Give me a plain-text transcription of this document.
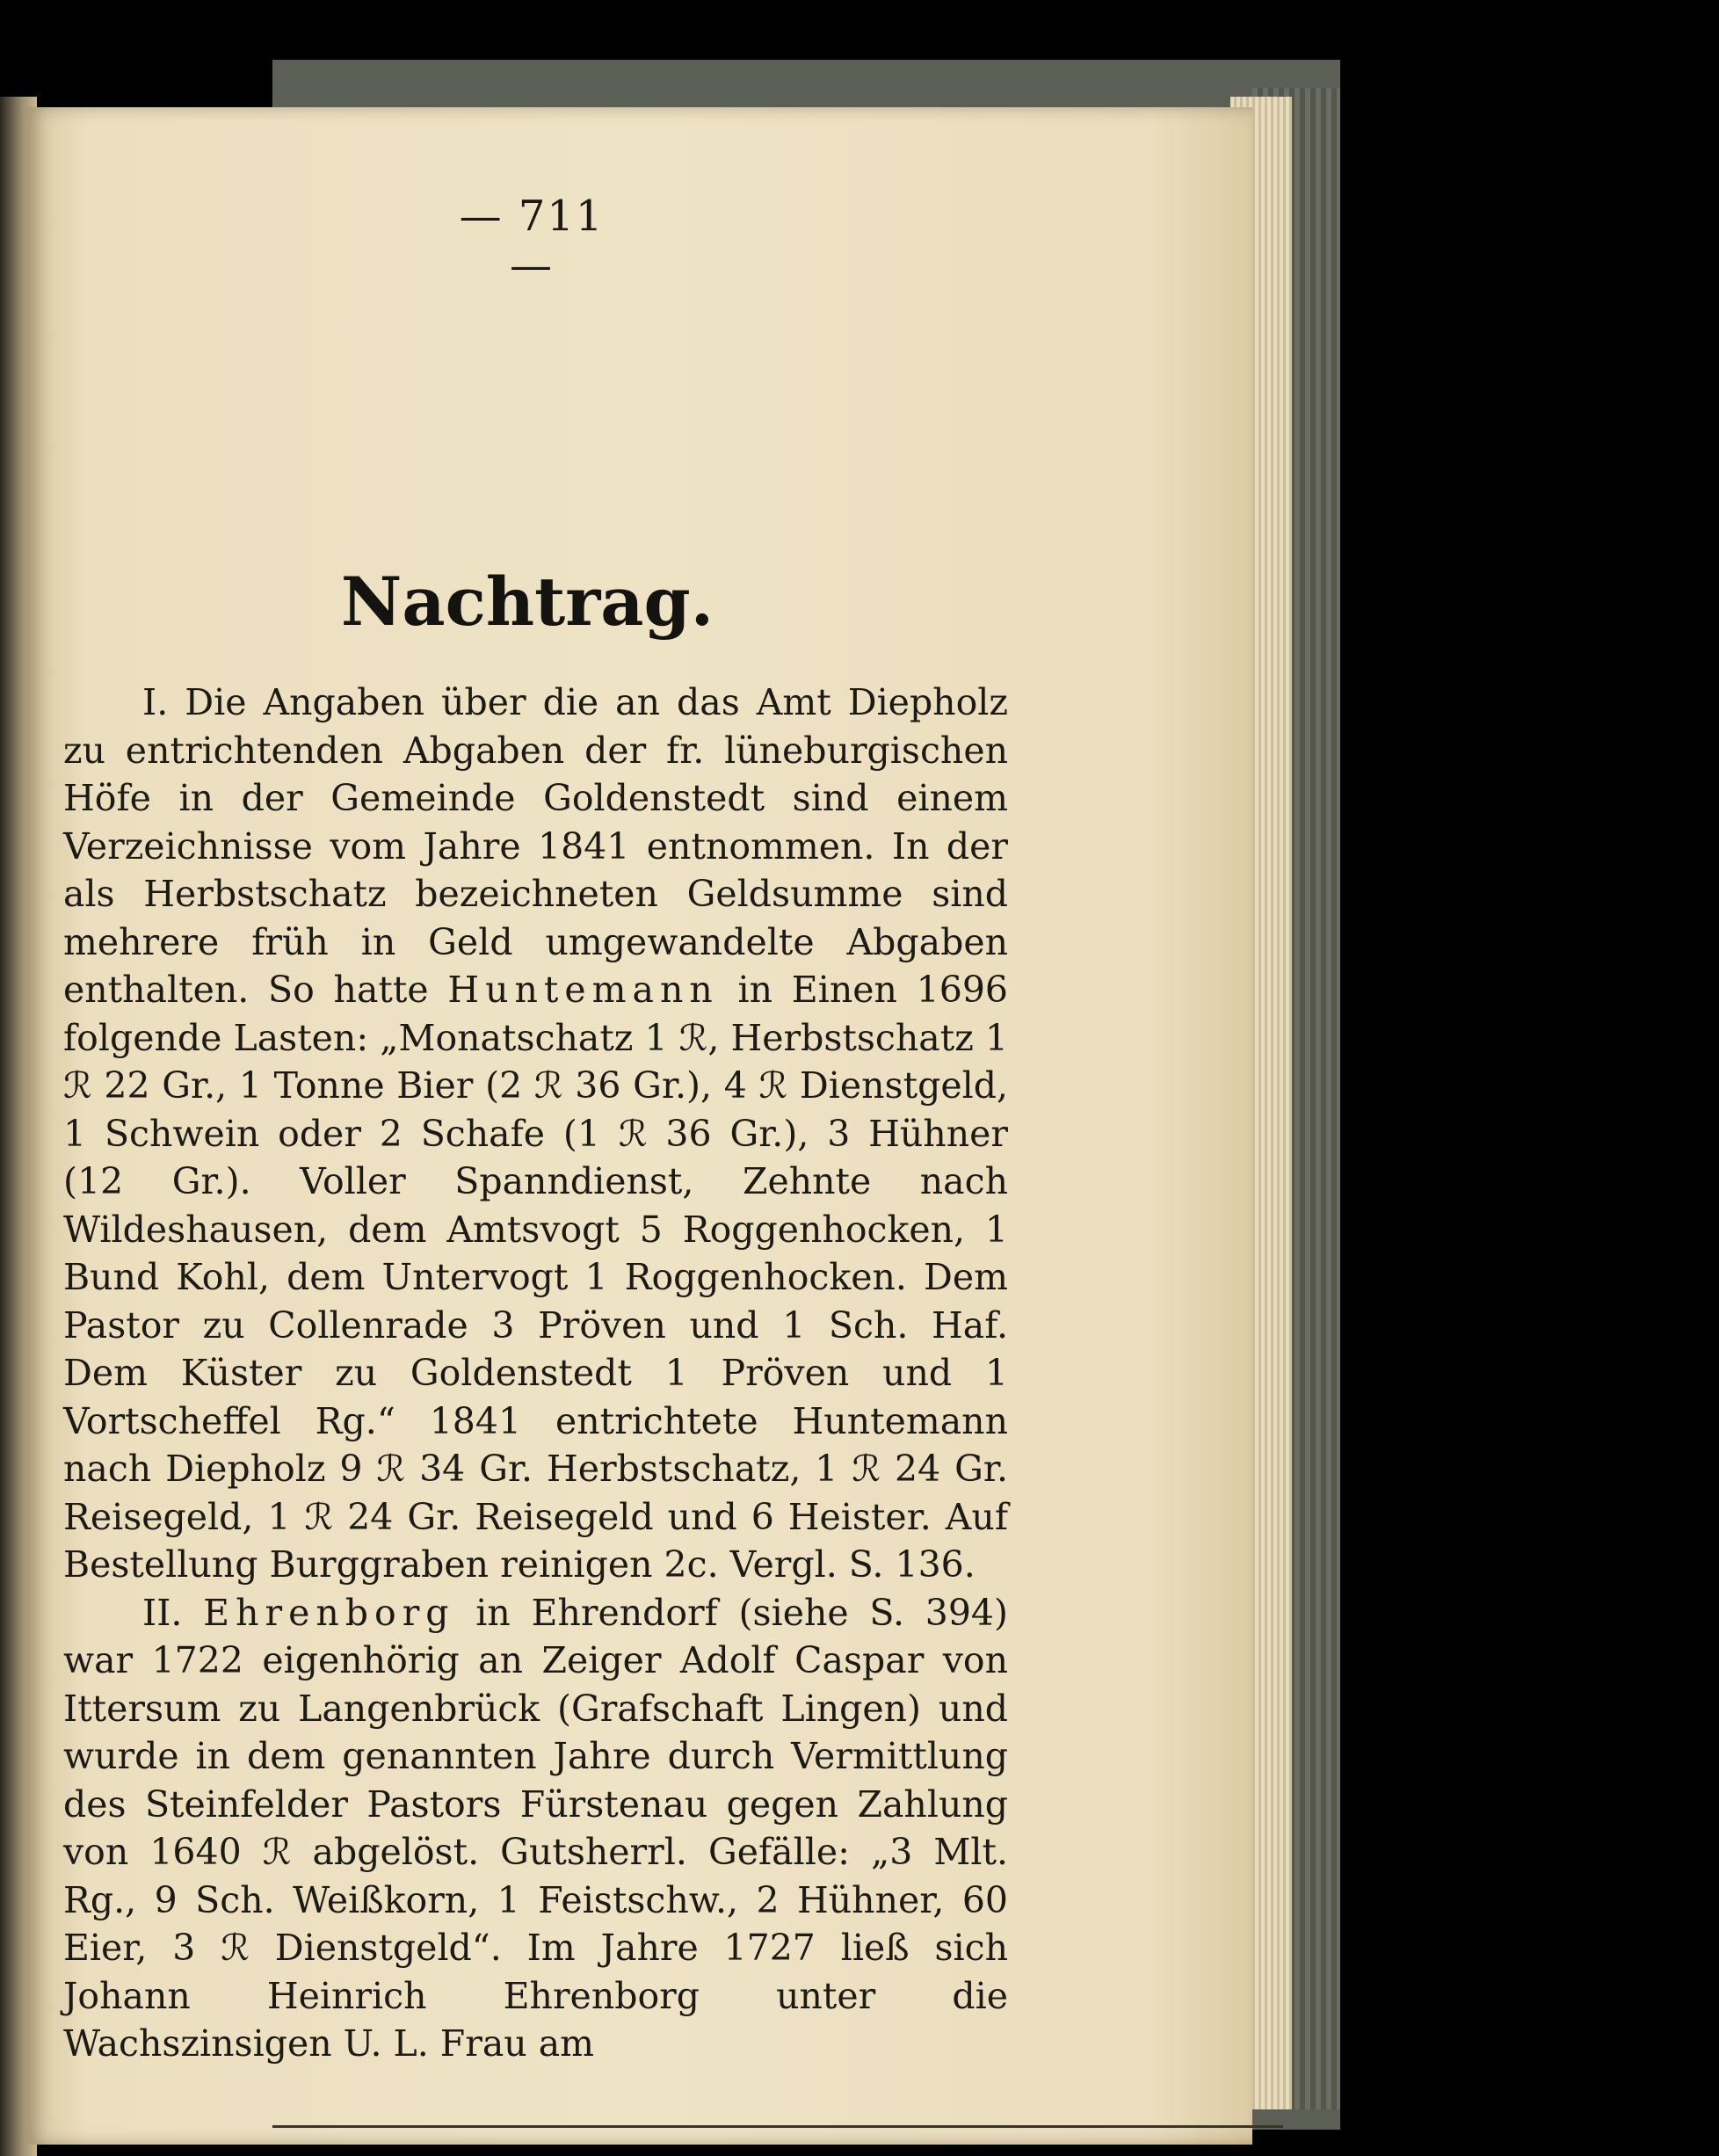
— 711 —

Nachtrag.

I. Die Angaben über die an das Amt Diepholz zu entrichtenden Abgaben der fr. lüneburgischen Höfe in der Gemeinde Goldenstedt sind einem Verzeichnisse vom Jahre 1841 entnommen. In der als Herbstschatz bezeichneten Geldsumme sind mehrere früh in Geld umgewandelte Abgaben enthalten. So hatte Huntemann in Einen 1696 folgende Lasten: „Monatschatz 1 ℛ, Herbstschatz 1 ℛ 22 Gr., 1 Tonne Bier (2 ℛ 36 Gr.), 4 ℛ Dienstgeld, 1 Schwein oder 2 Schafe (1 ℛ 36 Gr.), 3 Hühner (12 Gr.). Voller Spanndienst, Zehnte nach Wildeshausen, dem Amtsvogt 5 Roggenhocken, 1 Bund Kohl, dem Untervogt 1 Roggenhocken. Dem Pastor zu Collenrade 3 Pröven und 1 Sch. Haf. Dem Küster zu Goldenstedt 1 Pröven und 1 Vortscheffel Rg.“ 1841 entrichtete Huntemann nach Diepholz 9 ℛ 34 Gr. Herbstschatz, 1 ℛ 24 Gr. Reisegeld, 1 ℛ 24 Gr. Reisegeld und 6 Heister. Auf Bestellung Burggraben reinigen 2c. Vergl. S. 136.

II. Ehrenborg in Ehrendorf (siehe S. 394) war 1722 eigenhörig an Zeiger Adolf Caspar von Ittersum zu Langenbrück (Grafschaft Lingen) und wurde in dem genannten Jahre durch Vermittlung des Steinfelder Pastors Fürstenau gegen Zahlung von 1640 ℛ abgelöst. Gutsherrl. Gefälle: „3 Mlt. Rg., 9 Sch. Weißkorn, 1 Feistschw., 2 Hühner, 60 Eier, 3 ℛ Dienstgeld“. Im Jahre 1727 ließ sich Johann Heinrich Ehrenborg unter die Wachszinsigen U. L. Frau am
